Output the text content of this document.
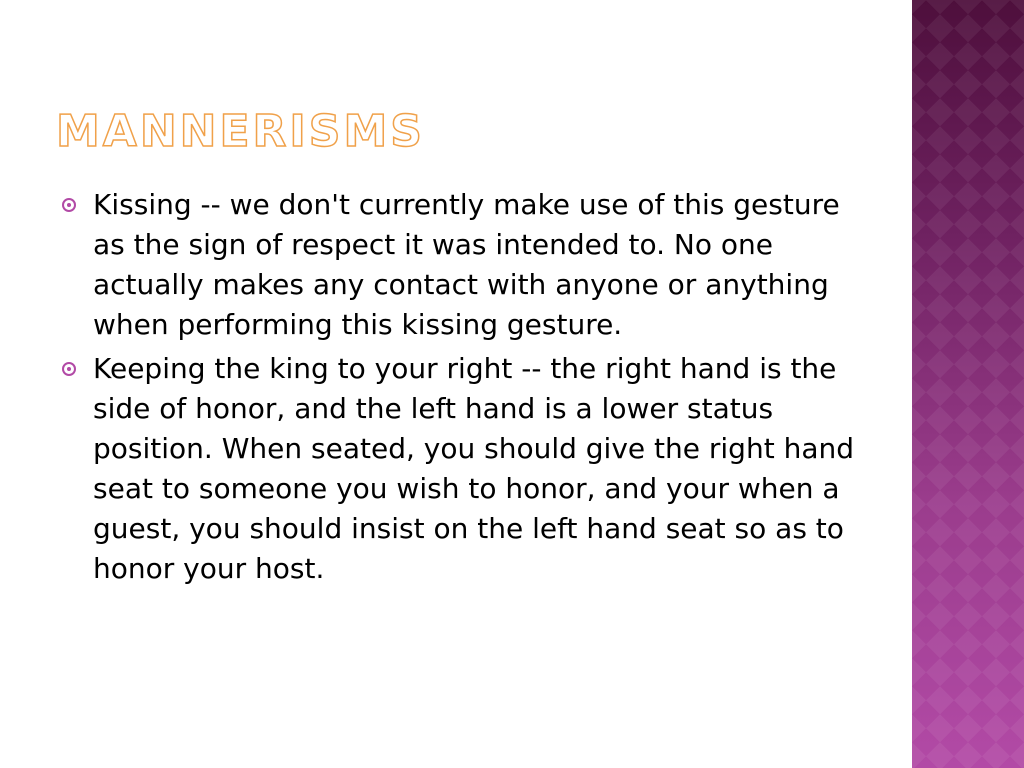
MANNERISMS
Kissing -- we don't currently make use of this gesture as the sign of respect it was intended to. No one actually makes any contact with anyone or anything when performing this kissing gesture.
Keeping the king to your right -- the right hand is the side of honor, and the left hand is a lower status position. When seated, you should give the right hand seat to someone you wish to honor, and your when a guest, you should insist on the left hand seat so as to honor your host.
